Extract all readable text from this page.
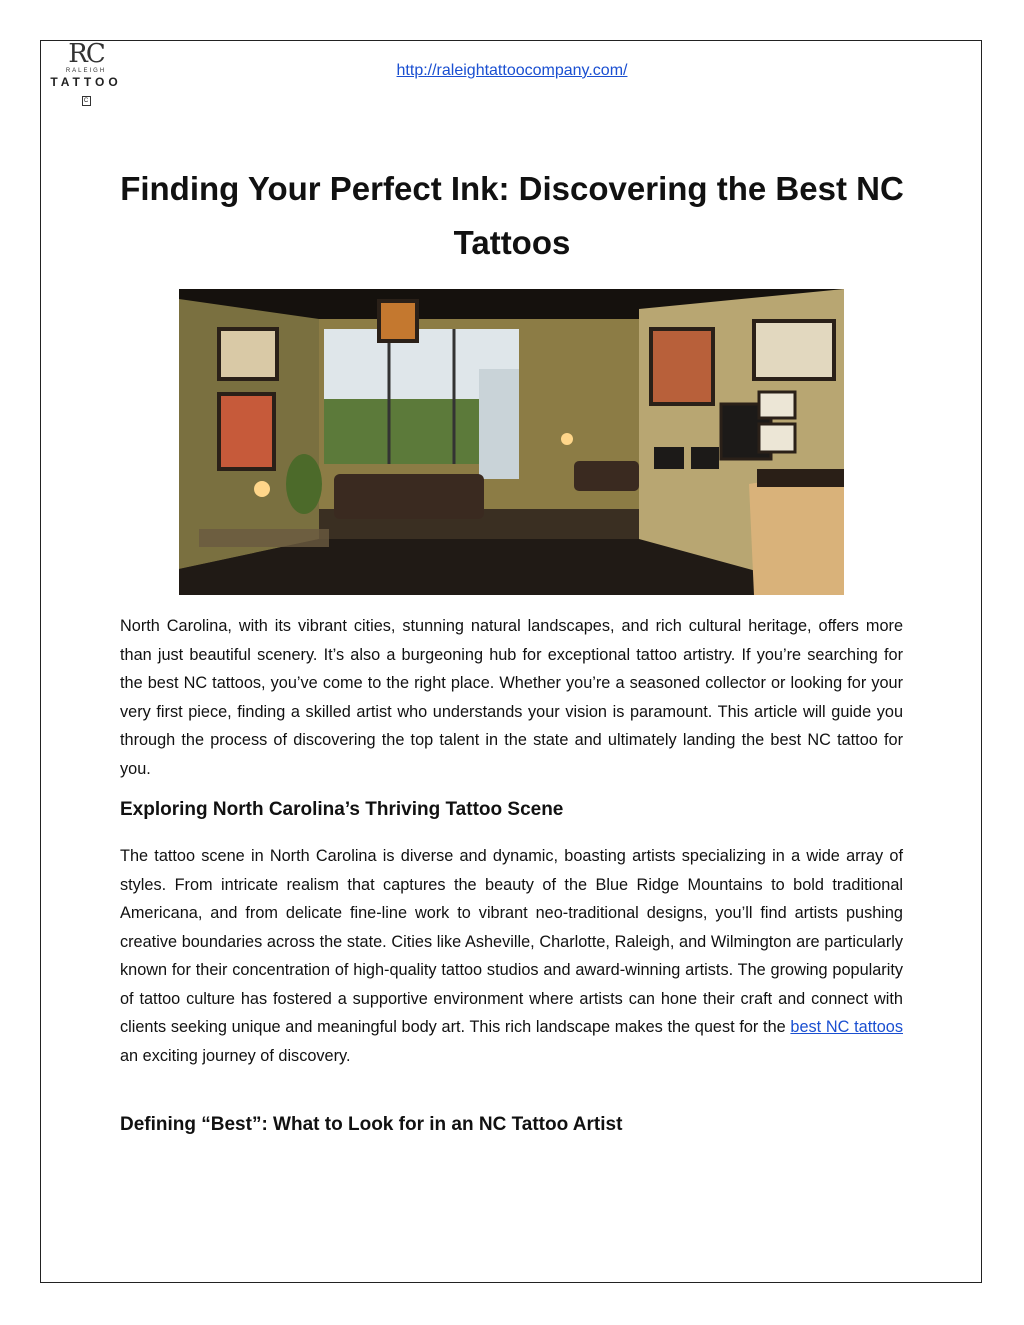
RC
RALEIGH
TATTOO
C
http://raleightattoocompany.com/
Finding Your Perfect Ink: Discovering the Best NC Tattoos

North Carolina, with its vibrant cities, stunning natural landscapes, and rich cultural heritage, offers more than just beautiful scenery. It’s also a burgeoning hub for exceptional tattoo artistry. If you’re searching for the best NC tattoos, you’ve come to the right place. Whether you’re a seasoned collector or looking for your very first piece, finding a skilled artist who understands your vision is paramount. This article will guide you through the process of discovering the top talent in the state and ultimately landing the best NC tattoo for you.

Exploring North Carolina’s Thriving Tattoo Scene

The tattoo scene in North Carolina is diverse and dynamic, boasting artists specializing in a wide array of styles. From intricate realism that captures the beauty of the Blue Ridge Mountains to bold traditional Americana, and from delicate fine-line work to vibrant neo-traditional designs, you’ll find artists pushing creative boundaries across the state. Cities like Asheville, Charlotte, Raleigh, and Wilmington are particularly known for their concentration of high-quality tattoo studios and award-winning artists. The growing popularity of tattoo culture has fostered a supportive environment where artists can hone their craft and connect with clients seeking unique and meaningful body art. This rich landscape makes the quest for the best NC tattoos an exciting journey of discovery.

Defining “Best”: What to Look for in an NC Tattoo Artist
